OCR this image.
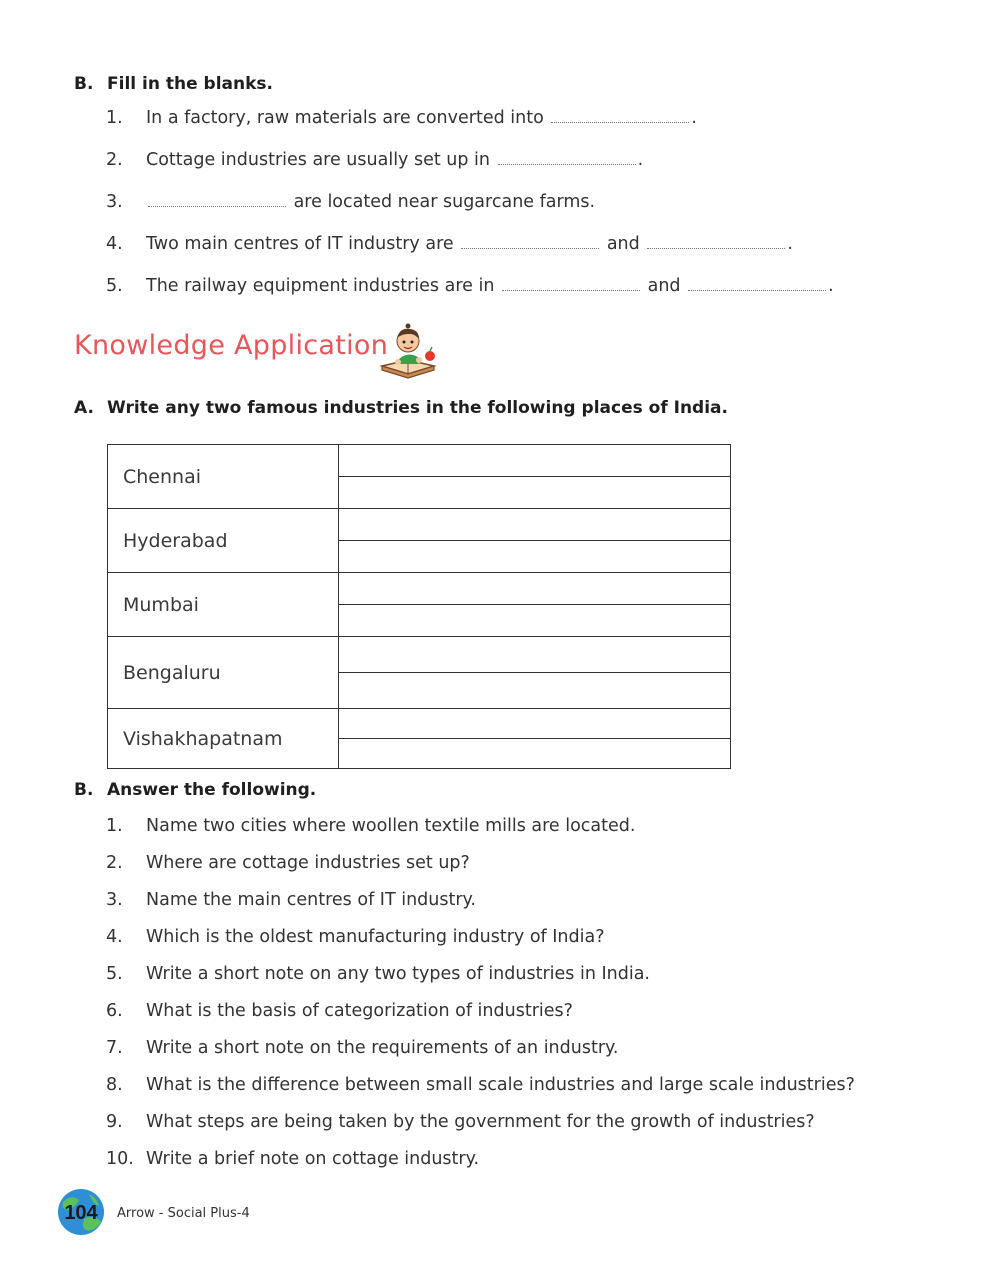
B. Fill in the blanks.
1. In a factory, raw materials are converted into	.
2. Cottage industries are usually set up in	.
3.	are located near sugarcane farms.
4. Two main centres of IT industry are	and	.
5. The railway equipment industries are in	and	.
Knowledge Application
A. Write any two famous industries in the following places of India.
Chennai	

Hyderabad	

Mumbai	

Bengaluru	

Vishakhapatnam	
B. Answer the following.
1. Name two cities where woollen textile mills are located.
2. Where are cottage industries set up?
3. Name the main centres of IT industry.
4. Which is the oldest manufacturing industry of India?
5. Write a short note on any two types of industries in India.
6. What is the basis of categorization of industries?
7. Write a short note on the requirements of an industry.
8. What is the difference between small scale industries and large scale industries?
9. What steps are being taken by the government for the growth of industries?
10. Write a brief note on cottage industry.
104 Arrow - Social Plus-4
